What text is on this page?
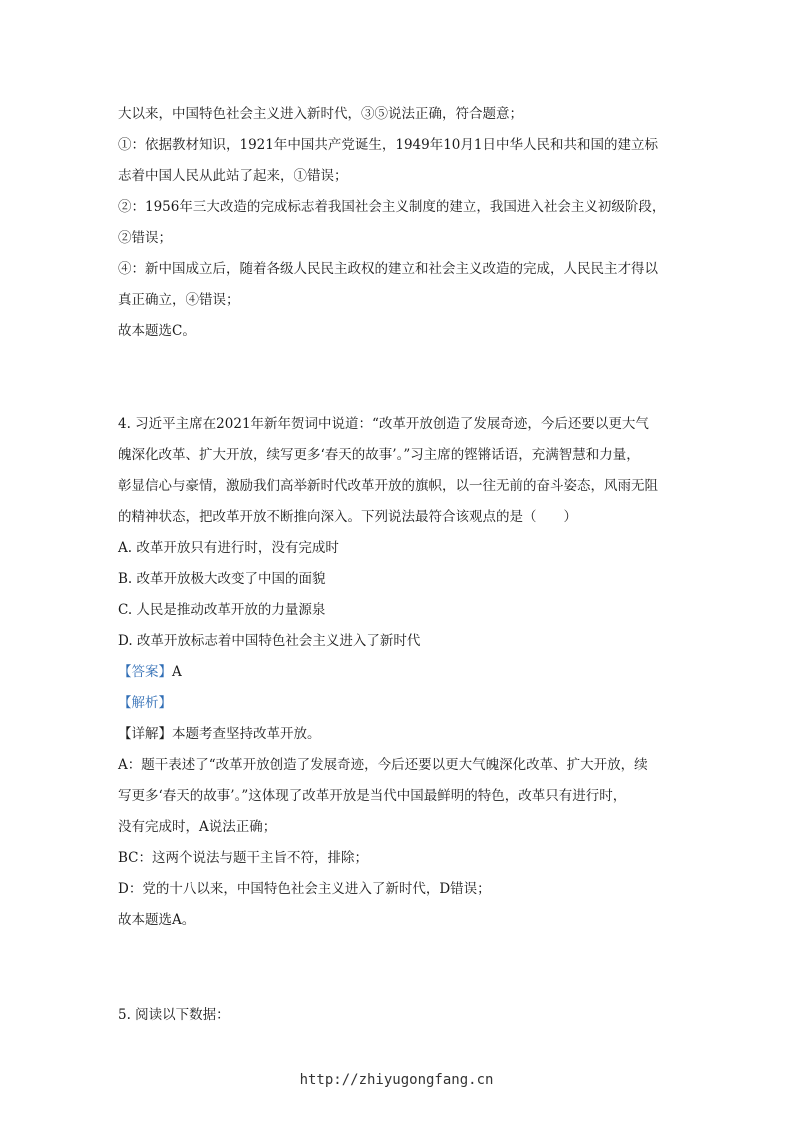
大以来，中国特色社会主义进入新时代，③⑤说法正确，符合题意；
①：依据教材知识，1921年中国共产党诞生，1949年10月1日中华人民和共和国的建立标
志着中国人民从此站了起来，①错误；
②：1956年三大改造的完成标志着我国社会主义制度的建立，我国进入社会主义初级阶段，
②错误；
④：新中国成立后，随着各级人民民主政权的建立和社会主义改造的完成，人民民主才得以
真正确立，④错误；
故本题选C。
4. 习近平主席在2021年新年贺词中说道：“改革开放创造了发展奇迹，今后还要以更大气
魄深化改革、扩大开放，续写更多‘春天的故事’。”习主席的铿锵话语，充满智慧和力量，
彰显信心与豪情，激励我们高举新时代改革开放的旗帜，以一往无前的奋斗姿态，风雨无阻
的精神状态，把改革开放不断推向深入。下列说法最符合该观点的是（　　）
A. 改革开放只有进行时，没有完成时
B. 改革开放极大改变了中国的面貌
C. 人民是推动改革开放的力量源泉
D. 改革开放标志着中国特色社会主义进入了新时代
【答案】A
【解析】
【详解】本题考查坚持改革开放。
A：题干表述了“改革开放创造了发展奇迹，今后还要以更大气魄深化改革、扩大开放，续
写更多‘春天的故事’。”这体现了改革开放是当代中国最鲜明的特色，改革只有进行时，
没有完成时，A说法正确；
BC：这两个说法与题干主旨不符，排除；
D：党的十八以来，中国特色社会主义进入了新时代，D错误；
故本题选A。
5. 阅读以下数据：
http://zhiyugongfang.cn
